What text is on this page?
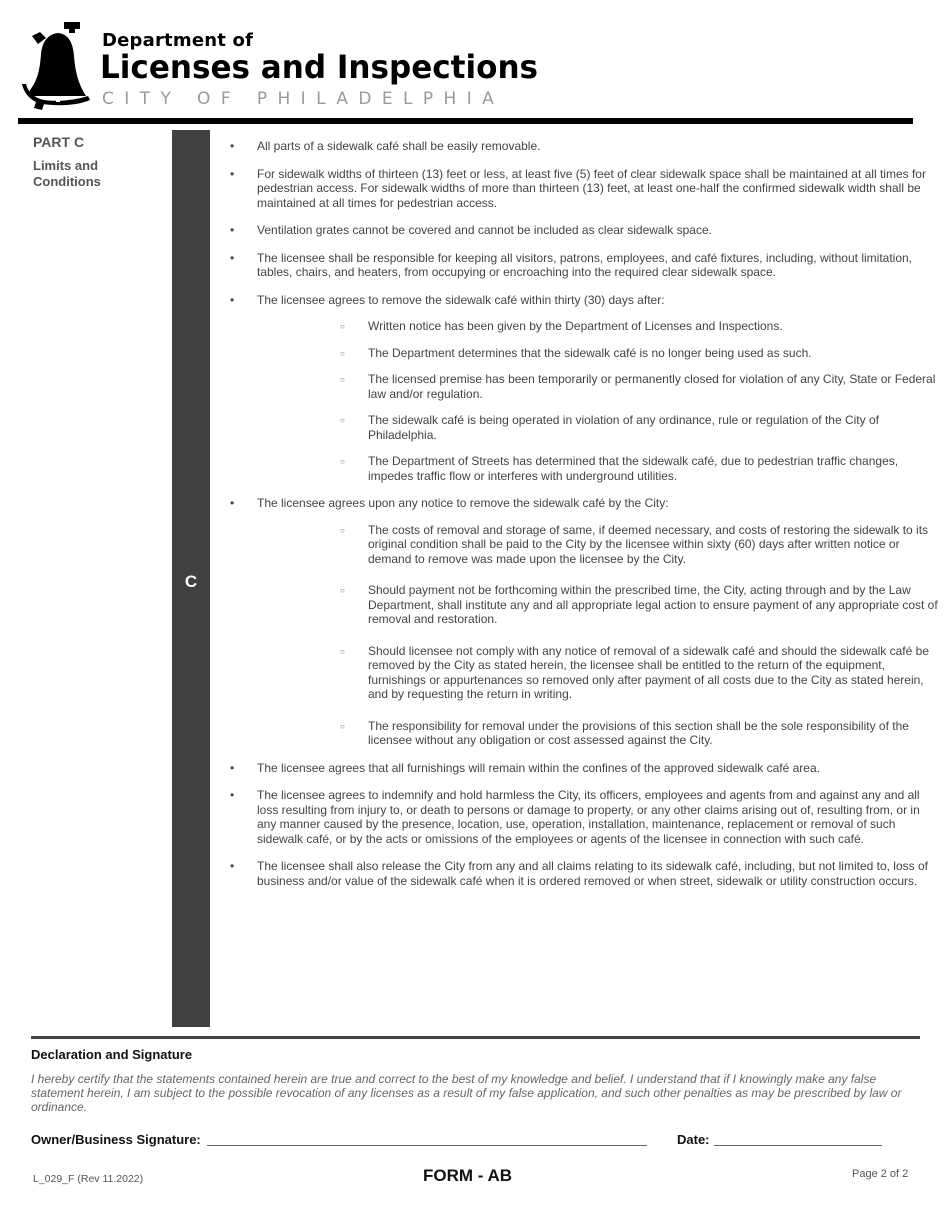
Department of
Licenses and Inspections
CITY OF PHILADELPHIA
PART C
Limits and Conditions
C

• All parts of a sidewalk café shall be easily removable.

• For sidewalk widths of thirteen (13) feet or less, at least five (5) feet of clear sidewalk space shall be maintained at all times for pedestrian access. For sidewalk widths of more than thirteen (13) feet, at least one-half the confirmed sidewalk width shall be maintained at all times for pedestrian access.

• Ventilation grates cannot be covered and cannot be included as clear sidewalk space.

• The licensee shall be responsible for keeping all visitors, patrons, employees, and café fixtures, including, without limitation, tables, chairs, and heaters, from occupying or encroaching into the required clear sidewalk space.

• The licensee agrees to remove the sidewalk café within thirty (30) days after:

○ Written notice has been given by the Department of Licenses and Inspections.
○ The Department determines that the sidewalk café is no longer being used as such.
○ The licensed premise has been temporarily or permanently closed for violation of any City, State or Federal law and/or regulation.
○ The sidewalk café is being operated in violation of any ordinance, rule or regulation of the City of Philadelphia.
○ The Department of Streets has determined that the sidewalk café, due to pedestrian traffic changes, impedes traffic flow or interferes with underground utilities.

• The licensee agrees upon any notice to remove the sidewalk café by the City:

○ The costs of removal and storage of same, if deemed necessary, and costs of restoring the sidewalk to its original condition shall be paid to the City by the licensee within sixty (60) days after written notice or demand to remove was made upon the licensee by the City.
○ Should payment not be forthcoming within the prescribed time, the City, acting through and by the Law Department, shall institute any and all appropriate legal action to ensure payment of any appropriate cost of removal and restoration.
○ Should licensee not comply with any notice of removal of a sidewalk café and should the sidewalk café be removed by the City as stated herein, the licensee shall be entitled to the return of the equipment, furnishings or appurtenances so removed only after payment of all costs due to the City as stated herein, and by requesting the return in writing.
○ The responsibility for removal under the provisions of this section shall be the sole responsibility of the licensee without any obligation or cost assessed against the City.

• The licensee agrees that all furnishings will remain within the confines of the approved sidewalk café area.

• The licensee agrees to indemnify and hold harmless the City, its officers, employees and agents from and against any and all loss resulting from injury to, or death to persons or damage to property, or any other claims arising out of, resulting from, or in any manner caused by the presence, location, use, operation, installation, maintenance, replacement or removal of such sidewalk café, or by the acts or omissions of the employees or agents of the licensee in connection with such café.

• The licensee shall also release the City from any and all claims relating to its sidewalk café, including, but not limited to, loss of business and/or value of the sidewalk café when it is ordered removed or when street, sidewalk or utility construction occurs.

Declaration and Signature
I hereby certify that the statements contained herein are true and correct to the best of my knowledge and belief. I understand that if I knowingly make any false statement herein, I am subject to the possible revocation of any licenses as a result of my false application, and such other penalties as may be prescribed by law or ordinance.
Owner/Business Signature:	Date:
L_029_F (Rev 11.2022)	FORM - AB	Page 2 of 2
